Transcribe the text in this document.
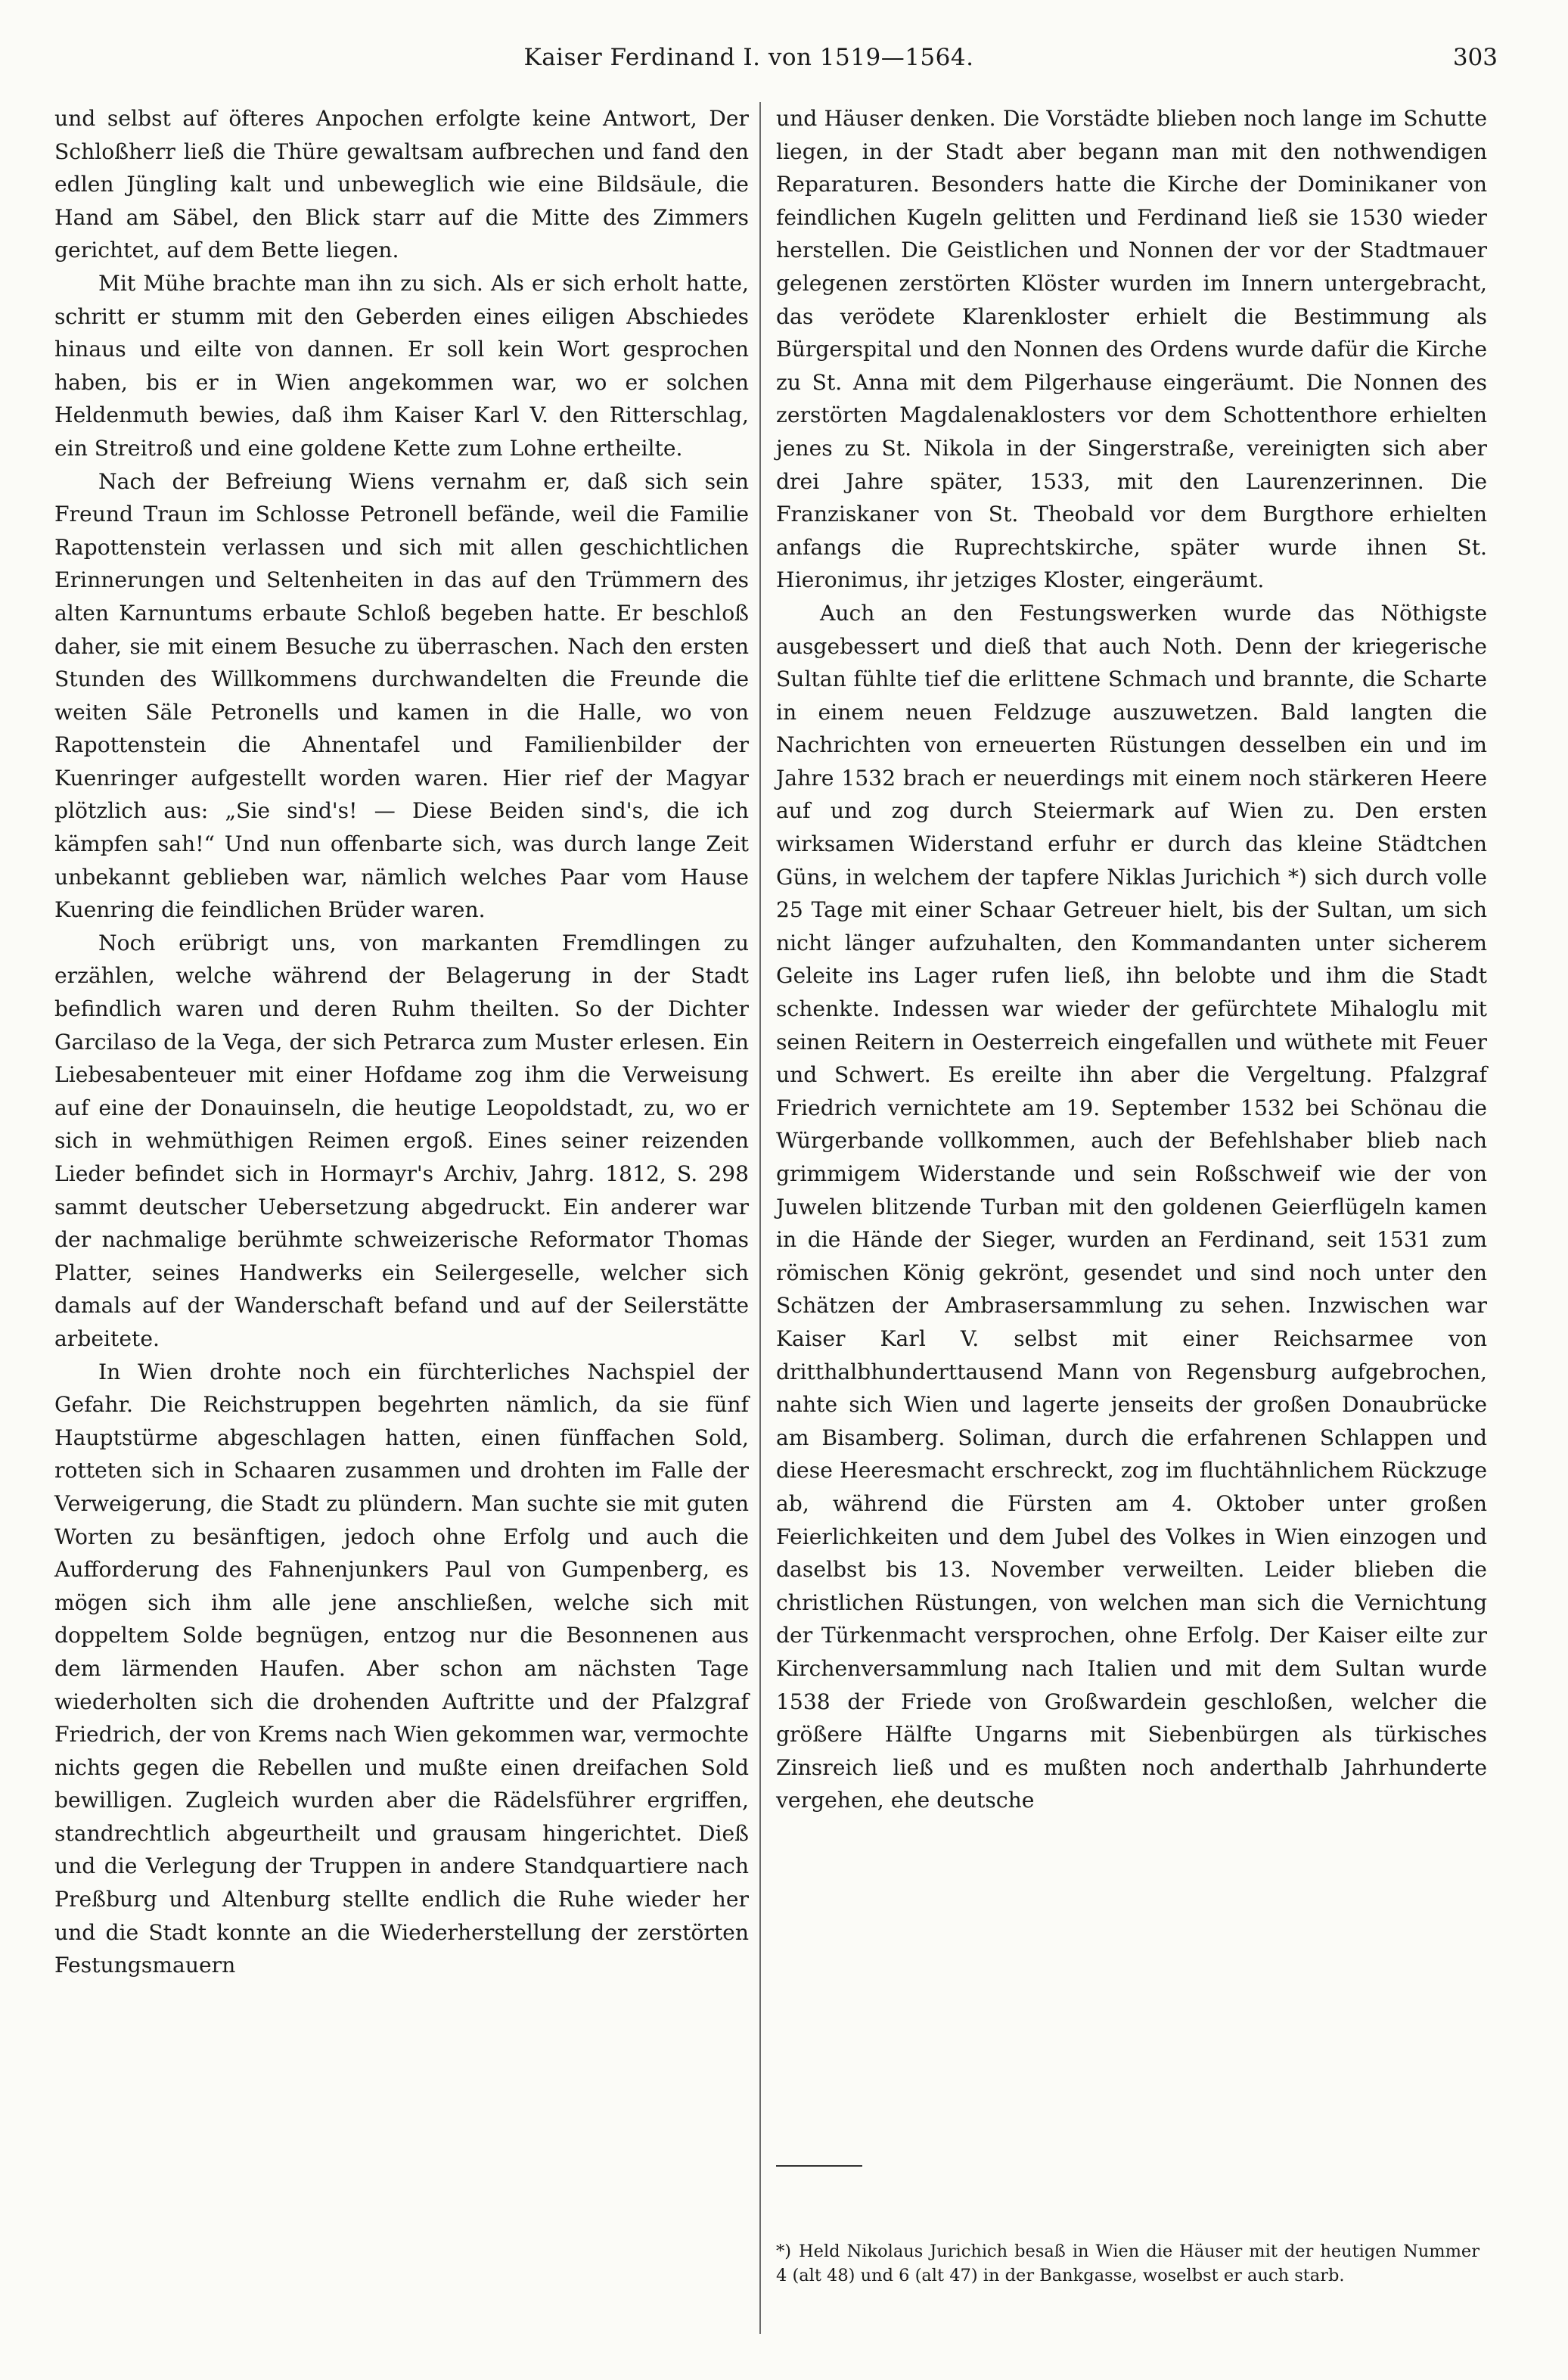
Kaiser Ferdinand I. von 1519—1564.	303

und selbst auf öfteres Anpochen erfolgte keine Antwort, Der Schloßherr ließ die Thüre gewaltsam aufbrechen und fand den edlen Jüngling kalt und unbeweglich wie eine Bildsäule, die Hand am Säbel, den Blick starr auf die Mitte des Zimmers gerichtet, auf dem Bette liegen.

Mit Mühe brachte man ihn zu sich. Als er sich erholt hatte, schritt er stumm mit den Geberden eines eiligen Abschiedes hinaus und eilte von dannen. Er soll kein Wort gesprochen haben, bis er in Wien angekommen war, wo er solchen Heldenmuth bewies, daß ihm Kaiser Karl V. den Ritterschlag, ein Streitroß und eine goldene Kette zum Lohne ertheilte.

Nach der Befreiung Wiens vernahm er, daß sich sein Freund Traun im Schlosse Petronell befände, weil die Familie Rapottenstein verlassen und sich mit allen geschichtlichen Erinnerungen und Seltenheiten in das auf den Trümmern des alten Karnuntums erbaute Schloß begeben hatte. Er beschloß daher, sie mit einem Besuche zu überraschen. Nach den ersten Stunden des Willkommens durchwandelten die Freunde die weiten Säle Petronells und kamen in die Halle, wo von Rapottenstein die Ahnentafel und Familienbilder der Kuenringer aufgestellt worden waren. Hier rief der Magyar plötzlich aus: „Sie sind's! — Diese Beiden sind's, die ich kämpfen sah!“ Und nun offenbarte sich, was durch lange Zeit unbekannt geblieben war, nämlich welches Paar vom Hause Kuenring die feindlichen Brüder waren.

Noch erübrigt uns, von markanten Fremdlingen zu erzählen, welche während der Belagerung in der Stadt befindlich waren und deren Ruhm theilten. So der Dichter Garcilaso de la Vega, der sich Petrarca zum Muster erlesen. Ein Liebesabenteuer mit einer Hofdame zog ihm die Verweisung auf eine der Donauinseln, die heutige Leopoldstadt, zu, wo er sich in wehmüthigen Reimen ergoß. Eines seiner reizenden Lieder befindet sich in Hormayr's Archiv, Jahrg. 1812, S. 298 sammt deutscher Uebersetzung abgedruckt. Ein anderer war der nachmalige berühmte schweizerische Reformator Thomas Platter, seines Handwerks ein Seilergeselle, welcher sich damals auf der Wanderschaft befand und auf der Seilerstätte arbeitete.

In Wien drohte noch ein fürchterliches Nachspiel der Gefahr. Die Reichstruppen begehrten nämlich, da sie fünf Hauptstürme abgeschlagen hatten, einen fünffachen Sold, rotteten sich in Schaaren zusammen und drohten im Falle der Verweigerung, die Stadt zu plündern. Man suchte sie mit guten Worten zu besänftigen, jedoch ohne Erfolg und auch die Aufforderung des Fahnenjunkers Paul von Gumpenberg, es mögen sich ihm alle jene anschließen, welche sich mit doppeltem Solde begnügen, entzog nur die Besonnenen aus dem lärmenden Haufen. Aber schon am nächsten Tage wiederholten sich die drohenden Auftritte und der Pfalzgraf Friedrich, der von Krems nach Wien gekommen war, vermochte nichts gegen die Rebellen und mußte einen dreifachen Sold bewilligen. Zugleich wurden aber die Rädelsführer ergriffen, standrechtlich abgeurtheilt und grausam hingerichtet. Dieß und die Verlegung der Truppen in andere Standquartiere nach Preßburg und Altenburg stellte endlich die Ruhe wieder her und die Stadt konnte an die Wiederherstellung der zerstörten Festungsmauern

und Häuser denken. Die Vorstädte blieben noch lange im Schutte liegen, in der Stadt aber begann man mit den nothwendigen Reparaturen. Besonders hatte die Kirche der Dominikaner von feindlichen Kugeln gelitten und Ferdinand ließ sie 1530 wieder herstellen. Die Geistlichen und Nonnen der vor der Stadtmauer gelegenen zerstörten Klöster wurden im Innern untergebracht, das verödete Klarenkloster erhielt die Bestimmung als Bürgerspital und den Nonnen des Ordens wurde dafür die Kirche zu St. Anna mit dem Pilgerhause eingeräumt. Die Nonnen des zerstörten Magdalenaklosters vor dem Schottenthore erhielten jenes zu St. Nikola in der Singerstraße, vereinigten sich aber drei Jahre später, 1533, mit den Laurenzerinnen. Die Franziskaner von St. Theobald vor dem Burgthore erhielten anfangs die Ruprechtskirche, später wurde ihnen St. Hieronimus, ihr jetziges Kloster, eingeräumt.

Auch an den Festungswerken wurde das Nöthigste ausgebessert und dieß that auch Noth. Denn der kriegerische Sultan fühlte tief die erlittene Schmach und brannte, die Scharte in einem neuen Feldzuge auszuwetzen. Bald langten die Nachrichten von erneuerten Rüstungen desselben ein und im Jahre 1532 brach er neuerdings mit einem noch stärkeren Heere auf und zog durch Steiermark auf Wien zu. Den ersten wirksamen Widerstand erfuhr er durch das kleine Städtchen Güns, in welchem der tapfere Niklas Jurichich *) sich durch volle 25 Tage mit einer Schaar Getreuer hielt, bis der Sultan, um sich nicht länger aufzuhalten, den Kommandanten unter sicherem Geleite ins Lager rufen ließ, ihn belobte und ihm die Stadt schenkte. Indessen war wieder der gefürchtete Mihaloglu mit seinen Reitern in Oesterreich eingefallen und wüthete mit Feuer und Schwert. Es ereilte ihn aber die Vergeltung. Pfalzgraf Friedrich vernichtete am 19. September 1532 bei Schönau die Würgerbande vollkommen, auch der Befehlshaber blieb nach grimmigem Widerstande und sein Roßschweif wie der von Juwelen blitzende Turban mit den goldenen Geierflügeln kamen in die Hände der Sieger, wurden an Ferdinand, seit 1531 zum römischen König gekrönt, gesendet und sind noch unter den Schätzen der Ambrasersammlung zu sehen. Inzwischen war Kaiser Karl V. selbst mit einer Reichsarmee von dritthalbhunderttausend Mann von Regensburg aufgebrochen, nahte sich Wien und lagerte jenseits der großen Donaubrücke am Bisamberg. Soliman, durch die erfahrenen Schlappen und diese Heeresmacht erschreckt, zog im fluchtähnlichem Rückzuge ab, während die Fürsten am 4. Oktober unter großen Feierlichkeiten und dem Jubel des Volkes in Wien einzogen und daselbst bis 13. November verweilten. Leider blieben die christlichen Rüstungen, von welchen man sich die Vernichtung der Türkenmacht versprochen, ohne Erfolg. Der Kaiser eilte zur Kirchenversammlung nach Italien und mit dem Sultan wurde 1538 der Friede von Großwardein geschloßen, welcher die größere Hälfte Ungarns mit Siebenbürgen als türkisches Zinsreich ließ und es mußten noch anderthalb Jahrhunderte vergehen, ehe deutsche

*) Held Nikolaus Jurichich besaß in Wien die Häuser mit der heutigen Nummer 4 (alt 48) und 6 (alt 47) in der Bankgasse, woselbst er auch starb.
